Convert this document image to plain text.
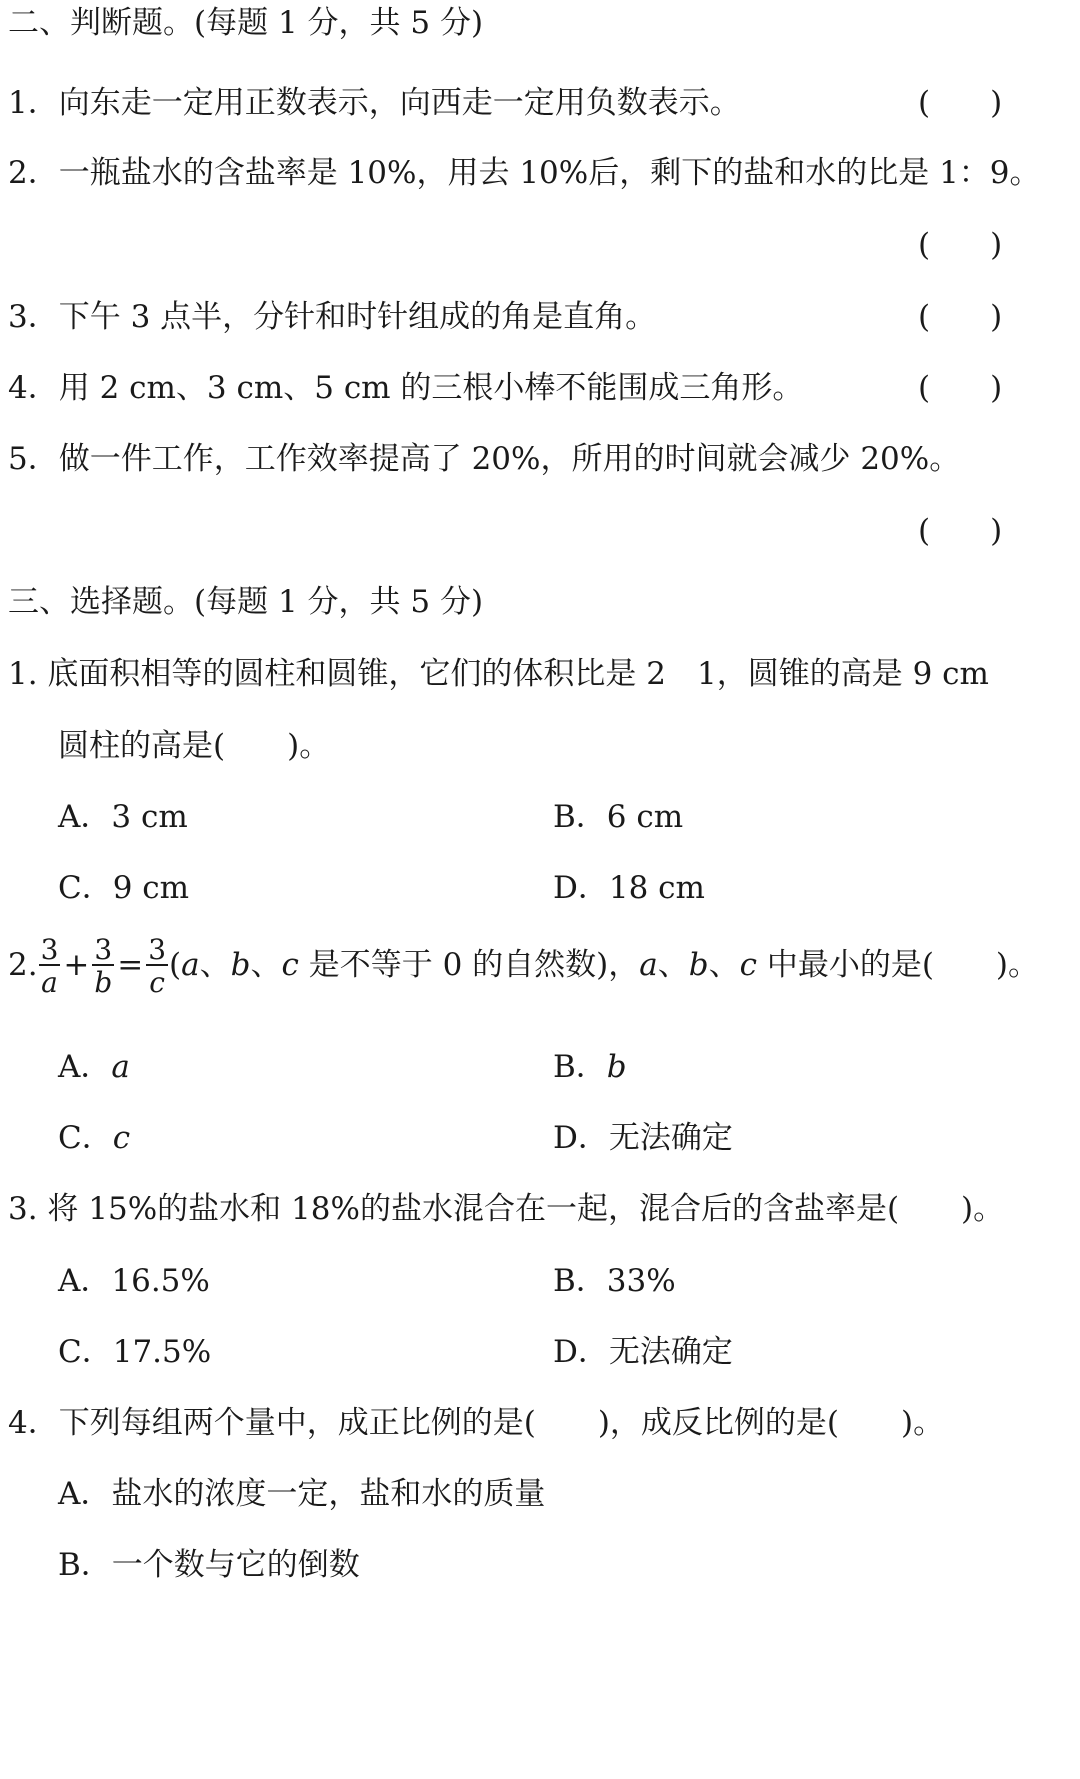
二、判断题。(每题 1 分，共 5 分)
1．向东走一定用正数表示，向西走一定用负数表示。	( )
2．一瓶盐水的含盐率是 10%，用去 10%后，剩下的盐和水的比是 1：9。
( )
3．下午 3 点半，分针和时针组成的角是直角。	( )
4．用 2 cm、3 cm、5 cm 的三根小棒不能围成三角形。	( )
5．做一件工作，工作效率提高了 20%，所用的时间就会减少 20%。
( )
三、选择题。(每题 1 分，共 5 分)
1. 底面积相等的圆柱和圆锥，它们的体积比是 2　1，圆锥的高是 9 cm
圆柱的高是(　　)。
A．3 cm	B．6 cm
C．9 cm	D．18 cm
2. $\frac{3}{a} + \frac{3}{b} = \frac{3}{c} (a$、b、c 是不等于 0 的自然数)，a、b、c 中最小的是(　　)。
A．a	B．b
C．c	D．无法确定
3. 将 15%的盐水和 18%的盐水混合在一起，混合后的含盐率是(　　)。
A．16.5%	B．33%
C．17.5%	D．无法确定
4．下列每组两个量中，成正比例的是(　　)，成反比例的是(　　)。
A．盐水的浓度一定，盐和水的质量
B．一个数与它的倒数
